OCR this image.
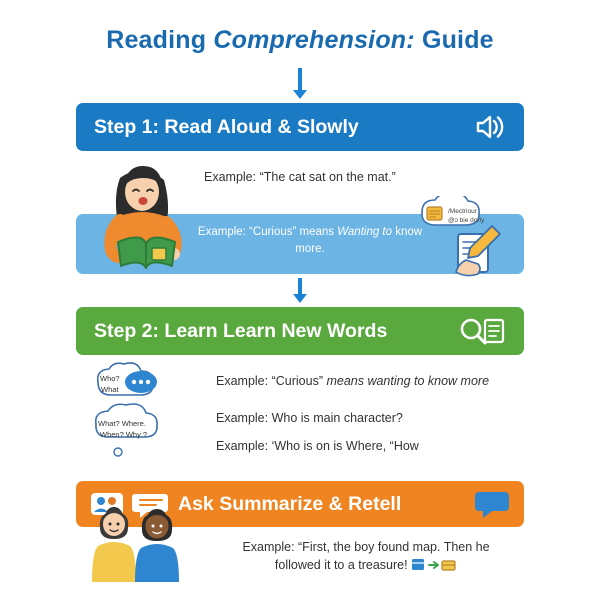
Reading Comprehension: Guide
Step 1: Read Aloud & Slowly
Example: “The cat sat on the mat.”
Example: “Curious” means Wanting to know more.
/Μeсtriоur
@ɔ bie dorly
Step 2: Learn Learn New Words
Example: “Curious” means wanting to know more
Example: Who is main character?
Example: ‘Who is on is Where, “How
Who?
What
What? Where.
When? Why ?
Ask Summarize & Retell
Example: “First, the boy found map. Then he
followed it to a treasure!
